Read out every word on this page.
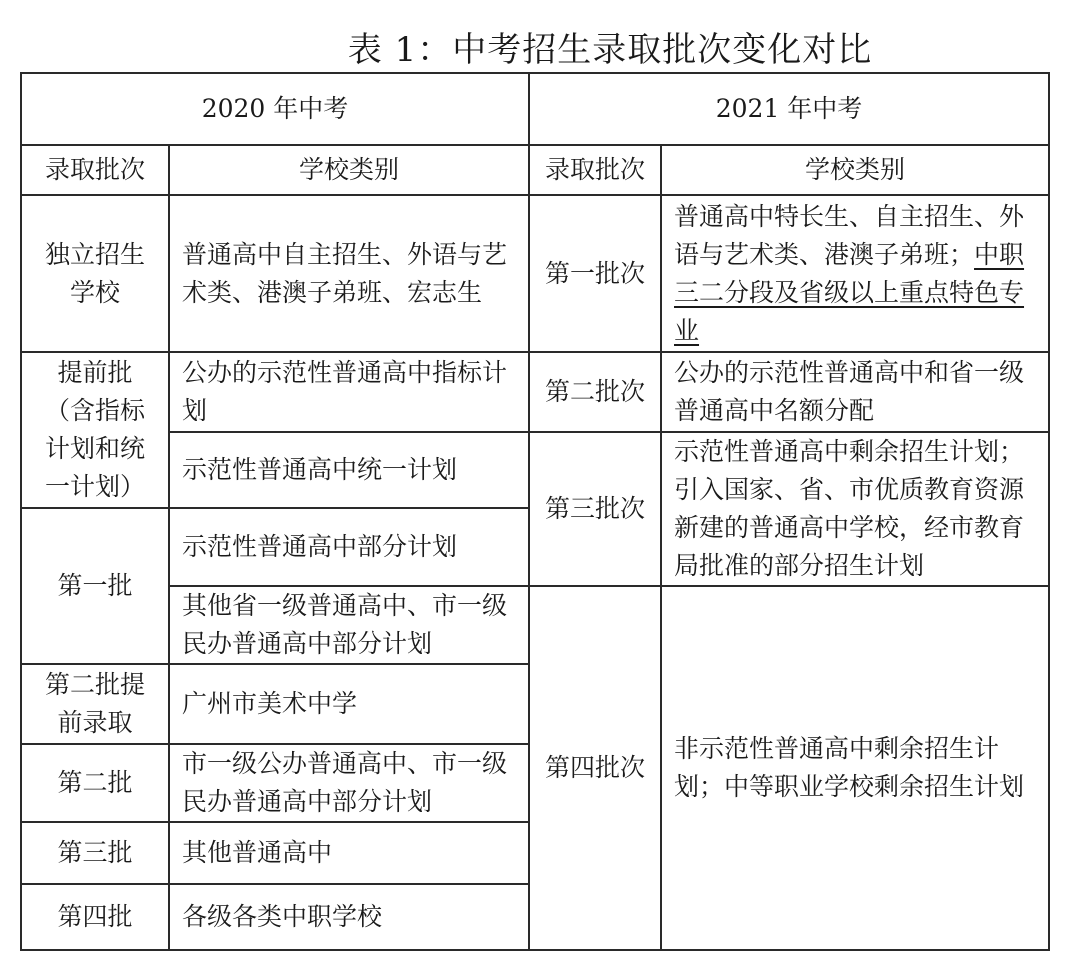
表 1：中考招生录取批次变化对比
2020 年中考		2021 年中考	
录取批次	学校类别	录取批次	学校类别
独立招生学校	普通高中自主招生、外语与艺术类、港澳子弟班、宏志生	第一批次	普通高中特长生、自主招生、外语与艺术类、港澳子弟班；中职三二分段及省级以上重点特色专业
提前批（含指标计划和统一计划）	公办的示范性普通高中指标计划	第二批次	公办的示范性普通高中和省一级普通高中名额分配
	示范性普通高中统一计划	第三批次	示范性普通高中剩余招生计划；引入国家、省、市优质教育资源新建的普通高中学校，经市教育局批准的部分招生计划
第一批	示范性普通高中部分计划		
	其他省一级普通高中、市一级民办普通高中部分计划	第四批次	非示范性普通高中剩余招生计划；中等职业学校剩余招生计划
第二批提前录取	广州市美术中学		
第二批	市一级公办普通高中、市一级民办普通高中部分计划		
第三批	其他普通高中		
第四批	各级各类中职学校		
